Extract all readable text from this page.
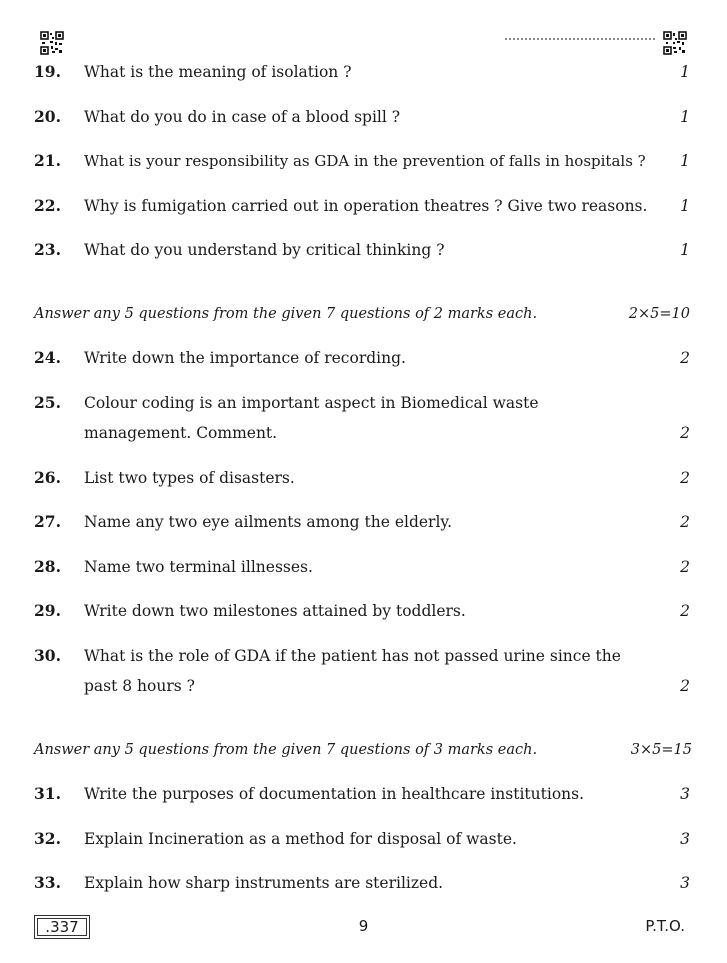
19. What is the meaning of isolation ?	1
20. What do you do in case of a blood spill ?	1
21. What is your responsibility as GDA in the prevention of falls in hospitals ?	1
22. Why is fumigation carried out in operation theatres ? Give two reasons. 1
23. What do you understand by critical thinking ?	1
Answer any 5 questions from the given 7 questions of 2 marks each.	2×5=10
24. Write down the importance of recording.	2
25. Colour coding is an important aspect in Biomedical waste management. Comment.	2
26. List two types of disasters.	2
27. Name any two eye ailments among the elderly.	2
28. Name two terminal illnesses.	2
29. Write down two milestones attained by toddlers.	2
30. What is the role of GDA if the patient has not passed urine since the past 8 hours ?	2
Answer any 5 questions from the given 7 questions of 3 marks each.	3×5=15
31. Write the purposes of documentation in healthcare institutions.	3
32. Explain Incineration as a method for disposal of waste.	3
33. Explain how sharp instruments are sterilized.	3
.337	9	P.T.O.
